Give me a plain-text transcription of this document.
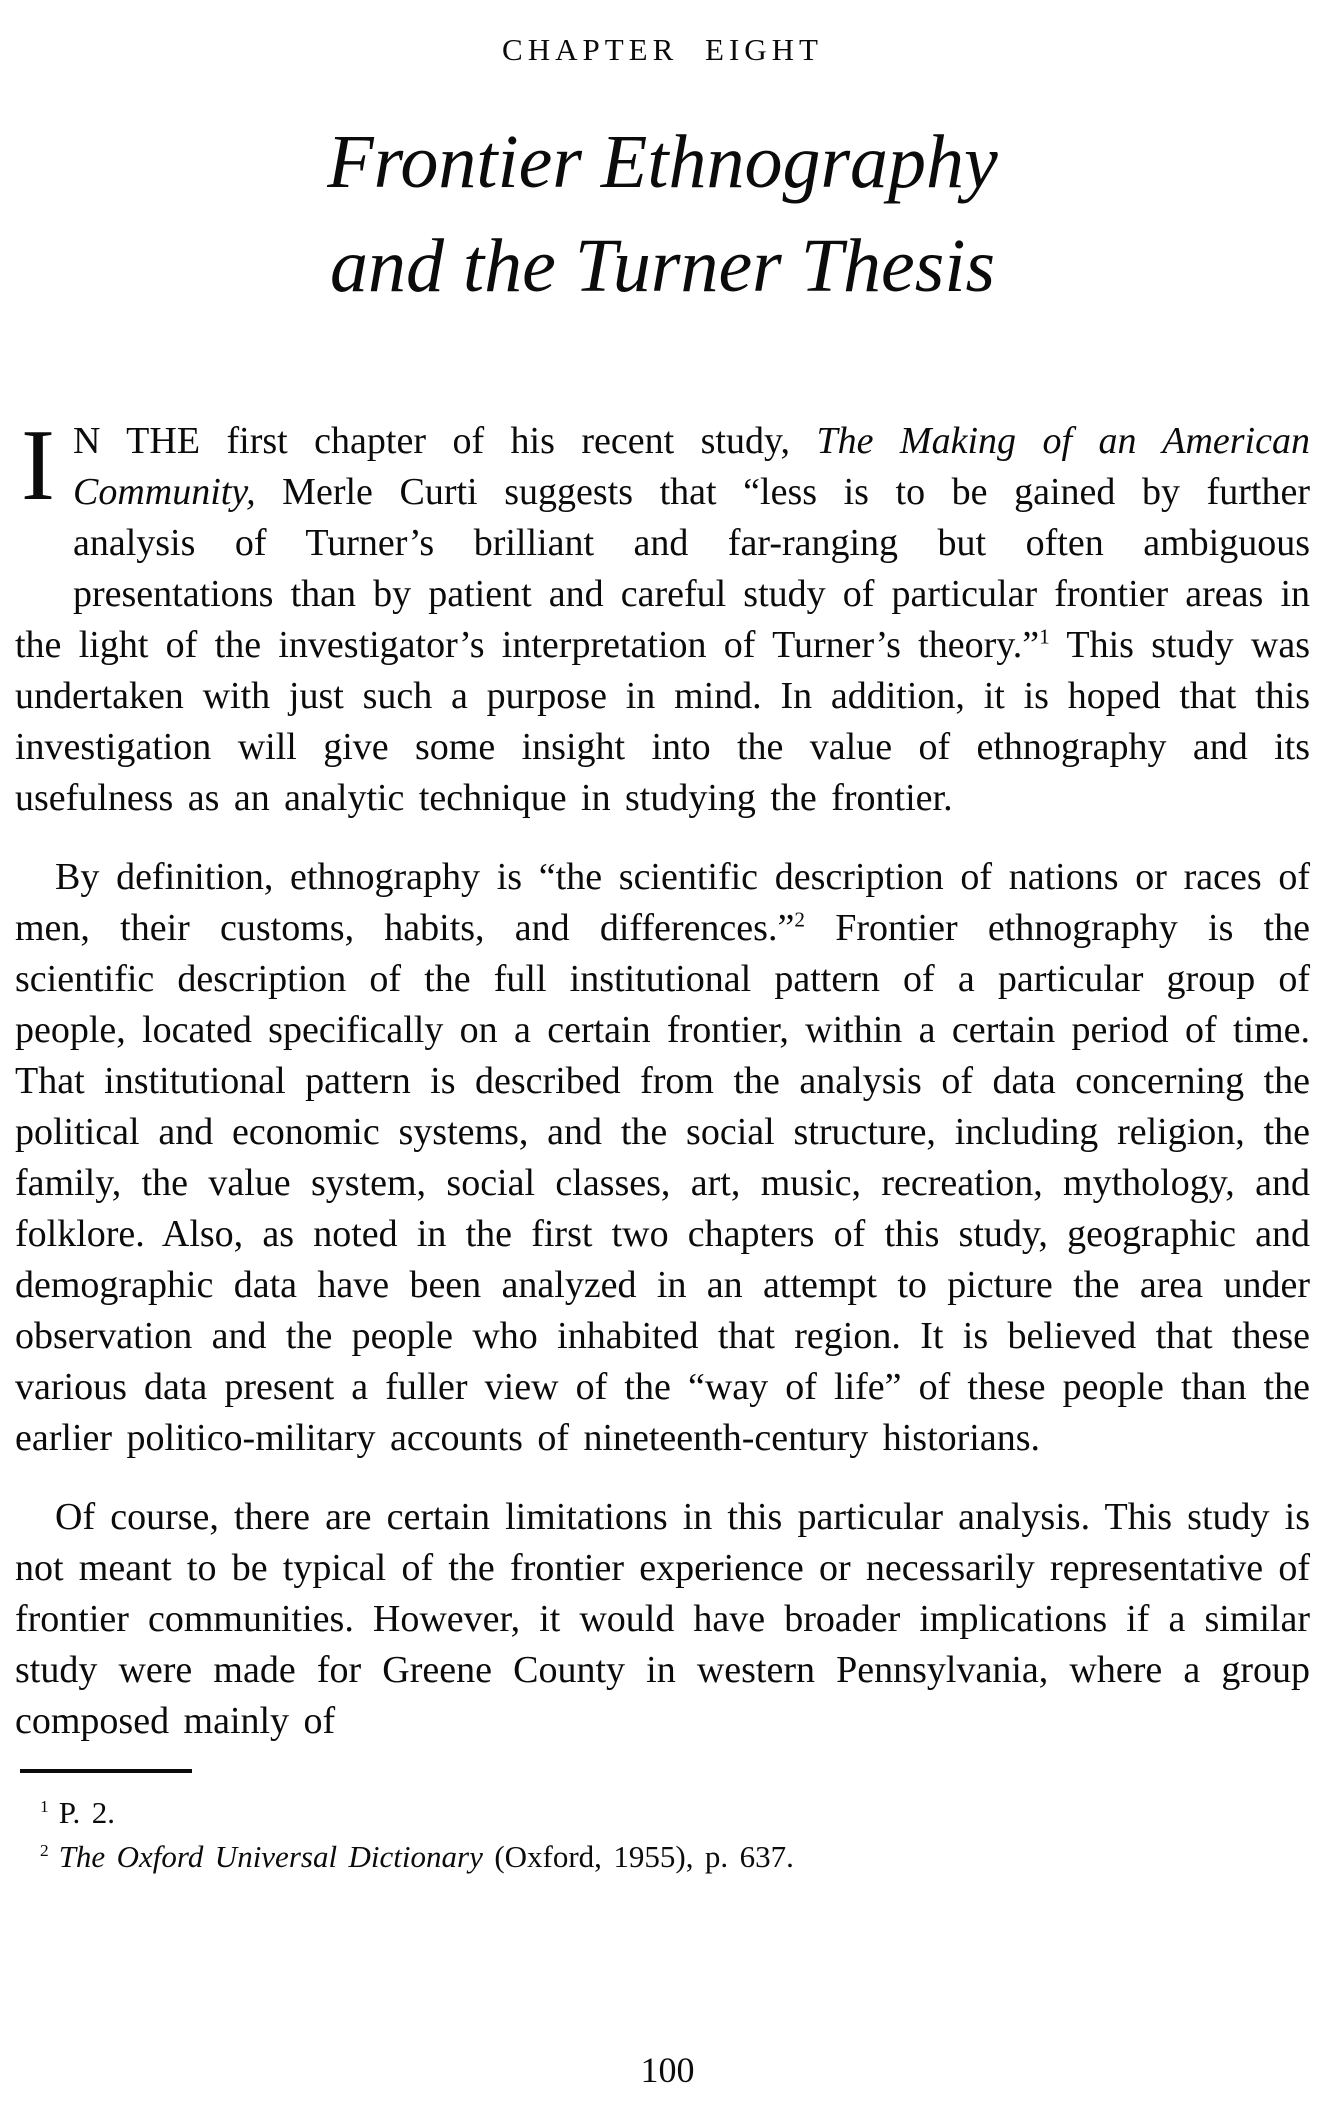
CHAPTER EIGHT
Frontier Ethnography
and the Turner Thesis

I N THE first chapter of his recent study, The Making of an American Community, Merle Curti suggests that “less is to be gained by further analysis of Turner’s brilliant and far-ranging but often ambiguous presentations than by patient and careful study of particular frontier areas in the light of the investigator’s interpretation of Turner’s theory.”$^1$ This study was undertaken with just such a purpose in mind. In addition, it is hoped that this investigation will give some insight into the value of ethnography and its usefulness as an analytic technique in studying the frontier.

By definition, ethnography is “the scientific description of nations or races of men, their customs, habits, and differences.”$^2$ Frontier ethnography is the scientific description of the full institutional pattern of a particular group of people, located specifically on a certain frontier, within a certain period of time. That institutional pattern is described from the analysis of data concerning the political and economic systems, and the social structure, including religion, the family, the value system, social classes, art, music, recreation, mythology, and folklore. Also, as noted in the first two chapters of this study, geographic and demographic data have been analyzed in an attempt to picture the area under observation and the people who inhabited that region. It is believed that these various data present a fuller view of the “way of life” of these people than the earlier politico-military accounts of nineteenth-century historians.

Of course, there are certain limitations in this particular analysis. This study is not meant to be typical of the frontier experience or necessarily representative of frontier communities. However, it would have broader implications if a similar study were made for Greene County in western Pennsylvania, where a group composed mainly of

$^1$ P. 2.
$^2$ The Oxford Universal Dictionary (Oxford, 1955), p. 637.
100
